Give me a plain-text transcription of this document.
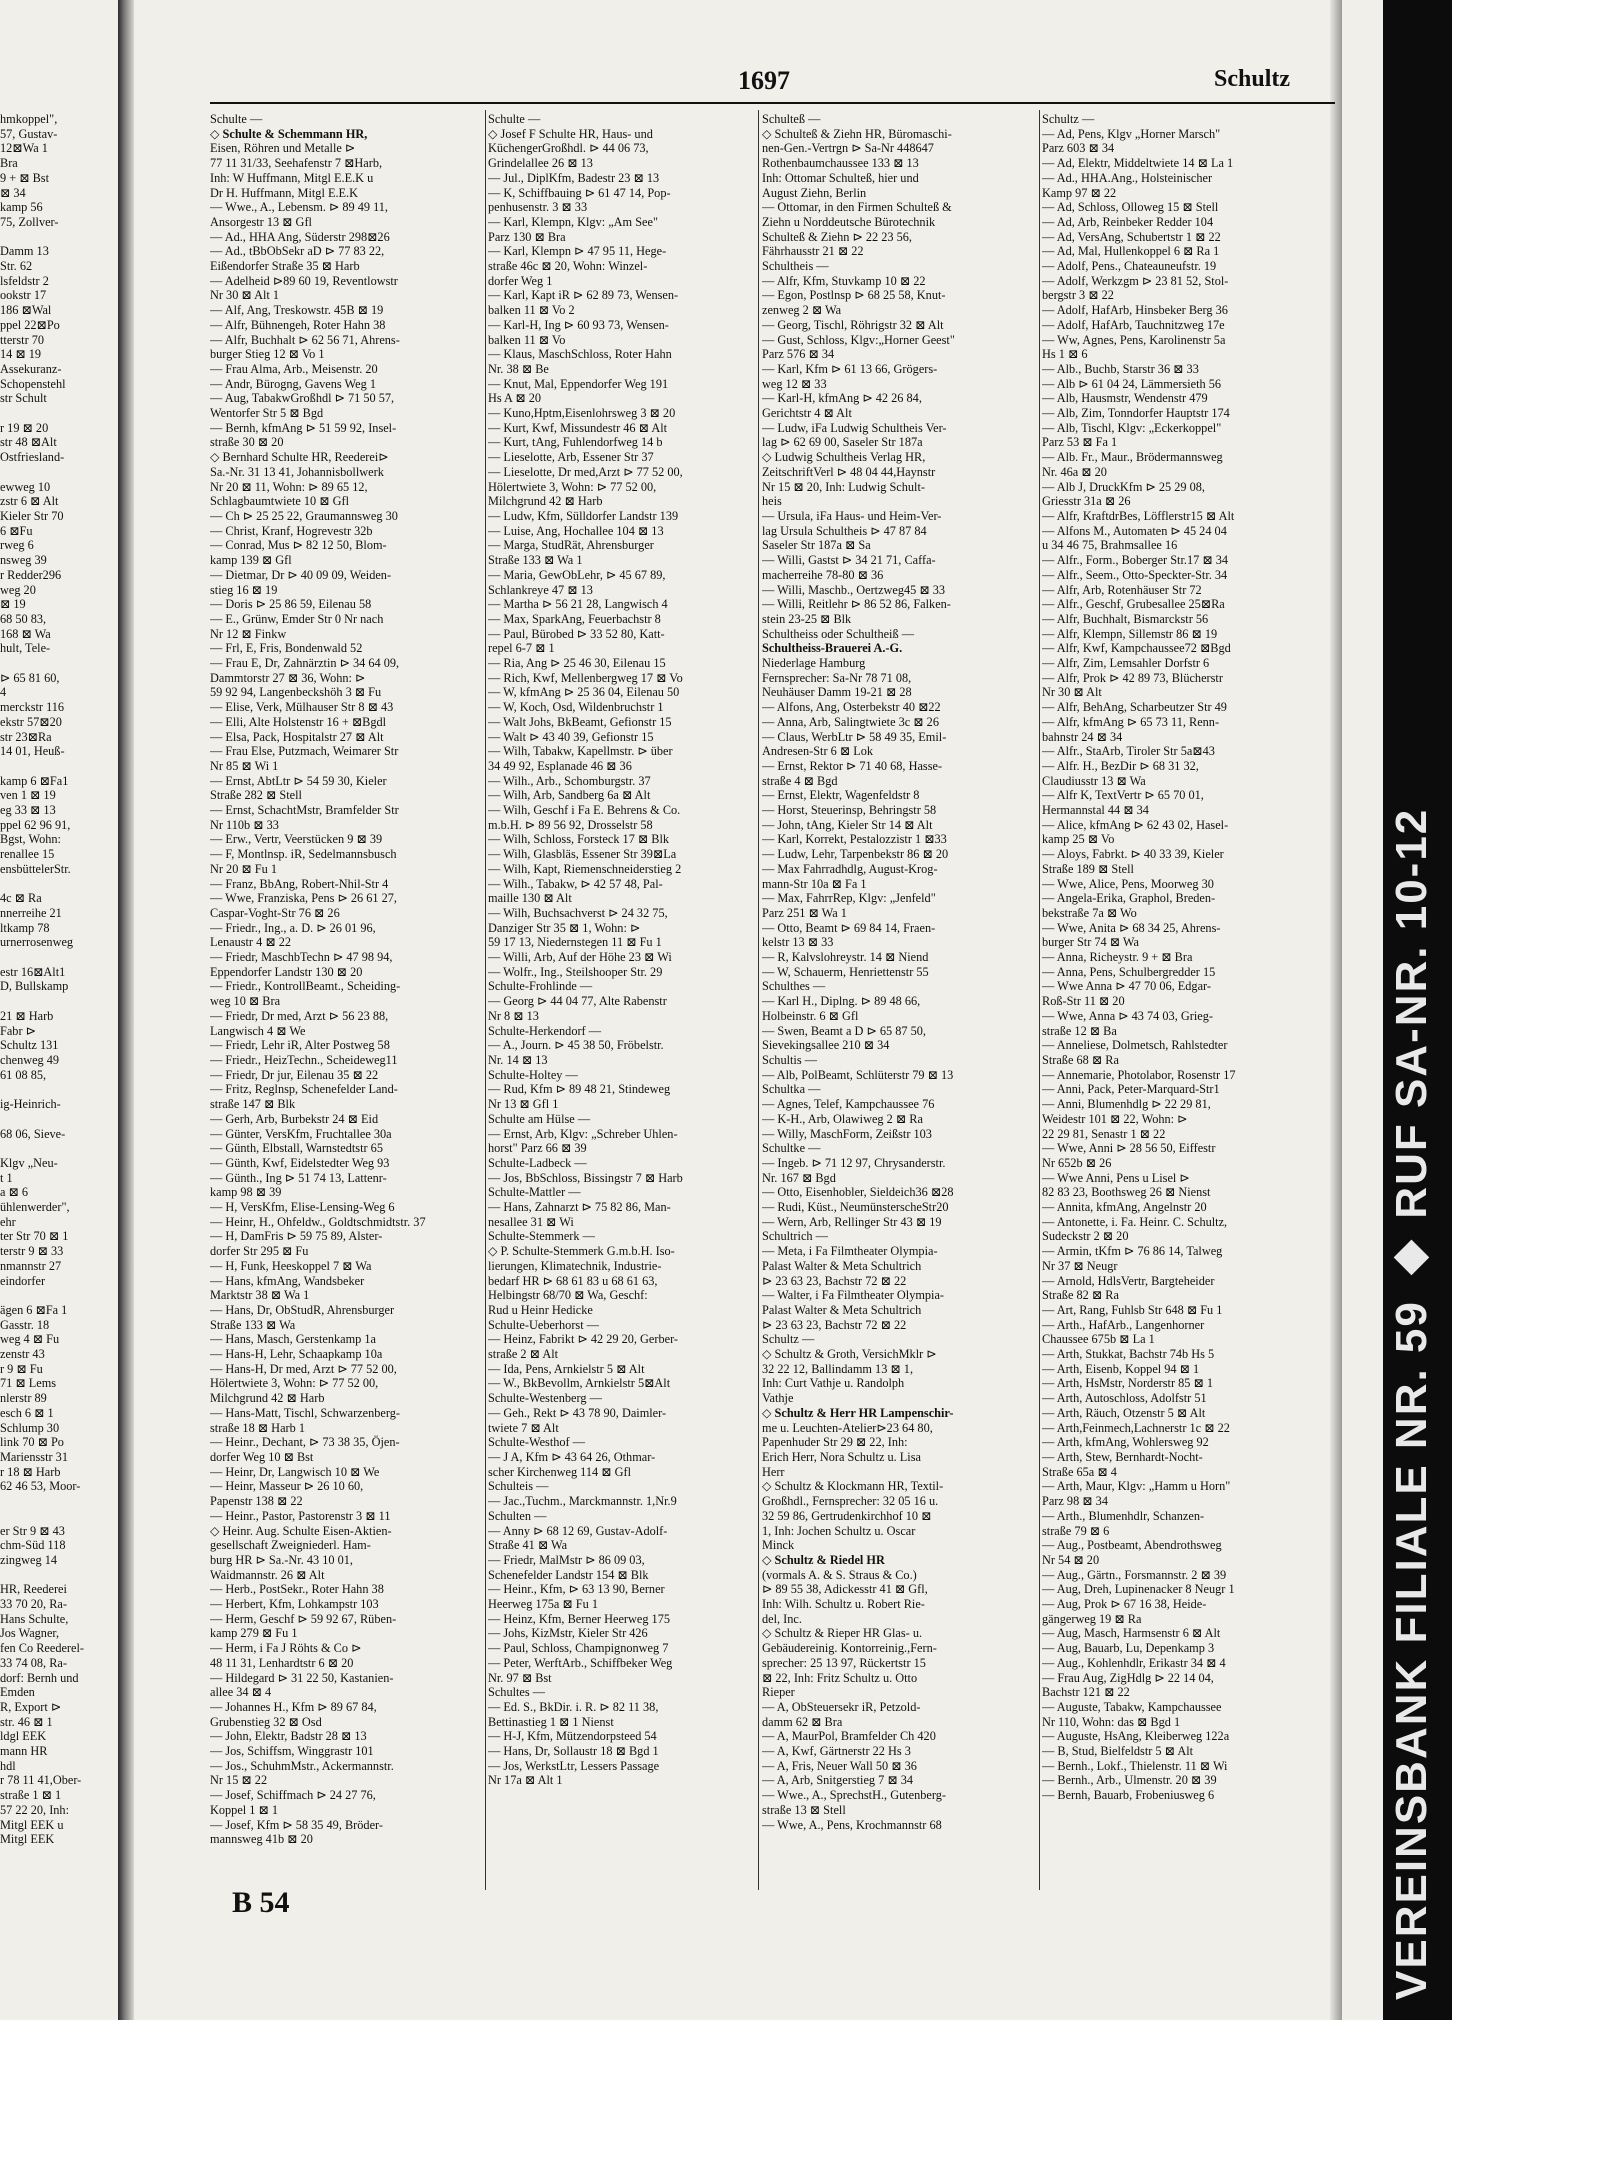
VEREINSBANK FILIALE NR. 59 ◆ RUF SA-NR. 10-12
1697	Schultz
hmkoppel",
57, Gustav-
12⊠Wa 1
Bra
9 + ⊠ Bst
⊠ 34
kamp 56
75, Zollver-

Damm 13
Str. 62
lsfeldstr 2
ookstr 17
186 ⊠Wal
ppel 22⊠Po
tterstr 70
14 ⊠ 19
Assekuranz-
Schopenstehl
str Schult

r 19 ⊠ 20
str 48 ⊠Alt
Ostfriesland-

ewweg 10
zstr 6 ⊠ Alt
Kieler Str 70
6 ⊠Fu
rweg 6
nsweg 39
r Redder296
weg 20
⊠ 19
68 50 83,
168 ⊠ Wa
hult, Tele-

⊳ 65 81 60,
4
merckstr 116
ekstr 57⊠20
str 23⊠Ra
14 01, Heuß-

kamp 6 ⊠Fa1
ven 1 ⊠ 19
eg 33 ⊠ 13
ppel 62 96 91,
Bgst, Wohn:
renallee 15
ensbüttelerStr.

4c ⊠ Ra
nnerreihe 21
ltkamp 78
urnerrosenweg

estr 16⊠Alt1
D, Bullskamp

21 ⊠ Harb
Fabr ⊳
Schultz 131
chenweg 49
61 08 85,

ig-Heinrich-

68 06, Sieve-

Klgv „Neu-
t 1
a ⊠ 6
ühlenwerder",
ehr
ter Str 70 ⊠ 1
terstr 9 ⊠ 33
nmannstr 27
eindorfer

ägen 6 ⊠Fa 1
Gasstr. 18
weg 4 ⊠ Fu
zenstr 43
r 9 ⊠ Fu
71 ⊠ Lems
nlerstr 89
esch 6 ⊠ 1
Schlump 30
link 70 ⊠ Po
Mariensstr 31
r 18 ⊠ Harb
62 46 53, Moor-

er Str 9 ⊠ 43
chm-Süd 118
zingweg 14

HR, Reederei
33 70 20, Ra-
Hans Schulte,
Jos Wagner,
fen Co Reederel-
33 74 08, Ra-
dorf: Bernh und
Emden
R, Export ⊳
str. 46 ⊠ 1
ldgl EEK
mann HR
hdl
r 78 11 41,Ober-
straße 1 ⊠ 1
57 22 20, Inh:
Mitgl EEK u
Mitgl EEK
Schulte —
◇ Schulte & Schemmann HR,
Eisen, Röhren und Metalle ⊳
77 11 31/33, Seehafenstr 7 ⊠Harb,
Inh: W Huffmann, Mitgl E.E.K u
Dr H. Huffmann, Mitgl E.E.K
— Wwe., A., Lebensm. ⊳ 89 49 11,
Ansorgestr 13 ⊠ Gfl
— Ad., HHA Ang, Süderstr 298⊠26
— Ad., tBbObSekr aD ⊳ 77 83 22,
Eißendorfer Straße 35 ⊠ Harb
— Adelheid ⊳89 60 19, Reventlowstr
Nr 30 ⊠ Alt 1
— Alf, Ang, Treskowstr. 45B ⊠ 19
— Alfr, Bühnengeh, Roter Hahn 38
— Alfr, Buchhalt ⊳ 62 56 71, Ahrens-
burger Stieg 12 ⊠ Vo 1
— Frau Alma, Arb., Meisenstr. 20
— Andr, Bürogng, Gavens Weg 1
— Aug, TabakwGroßhdl ⊳ 71 50 57,
Wentorfer Str 5 ⊠ Bgd
— Bernh, kfmAng ⊳ 51 59 92, Insel-
straße 30 ⊠ 20
◇ Bernhard Schulte HR, Reederei⊳
Sa.-Nr. 31 13 41, Johannisbollwerk
Nr 20 ⊠ 11, Wohn: ⊳ 89 65 12,
Schlagbaumtwiete 10 ⊠ Gfl
— Ch ⊳ 25 25 22, Graumannsweg 30
— Christ, Kranf, Hogrevestr 32b
— Conrad, Mus ⊳ 82 12 50, Blom-
kamp 139 ⊠ Gfl
— Dietmar, Dr ⊳ 40 09 09, Weiden-
stieg 16 ⊠ 19
— Doris ⊳ 25 86 59, Eilenau 58
— E., Grünw, Emder Str 0 Nr nach
Nr 12 ⊠ Finkw
— Frl, E, Fris, Bondenwald 52
— Frau E, Dr, Zahnärztin ⊳ 34 64 09,
Dammtorstr 27 ⊠ 36, Wohn: ⊳
59 92 94, Langenbeckshöh 3 ⊠ Fu
— Elise, Verk, Mülhauser Str 8 ⊠ 43
— Elli, Alte Holstenstr 16 + ⊠Bgdl
— Elsa, Pack, Hospitalstr 27 ⊠ Alt
— Frau Else, Putzmach, Weimarer Str
Nr 85 ⊠ Wi 1
— Ernst, AbtLtr ⊳ 54 59 30, Kieler
Straße 282 ⊠ Stell
— Ernst, SchachtMstr, Bramfelder Str
Nr 110b ⊠ 33
— Erw., Vertr, Veerstücken 9 ⊠ 39
— F, Montlnsp. iR, Sedelmannsbusch
Nr 20 ⊠ Fu 1
— Franz, BbAng, Robert-Nhil-Str 4
— Wwe, Franziska, Pens ⊳ 26 61 27,
Caspar-Voght-Str 76 ⊠ 26
— Friedr., Ing., a. D. ⊳ 26 01 96,
Lenaustr 4 ⊠ 22
— Friedr, MaschbTechn ⊳ 47 98 94,
Eppendorfer Landstr 130 ⊠ 20
— Friedr., KontrollBeamt., Scheiding-
weg 10 ⊠ Bra
— Friedr, Dr med, Arzt ⊳ 56 23 88,
Langwisch 4 ⊠ We
— Friedr, Lehr iR, Alter Postweg 58
— Friedr., HeizTechn., Scheideweg11
— Friedr, Dr jur, Eilenau 35 ⊠ 22
— Fritz, Reglnsp, Schenefelder Land-
straße 147 ⊠ Blk
— Gerh, Arb, Burbekstr 24 ⊠ Eid
— Günter, VersKfm, Fruchtallee 30a
— Günth, Elbstall, Warnstedtstr 65
— Günth, Kwf, Eidelstedter Weg 93
— Günth., Ing ⊳ 51 74 13, Lattenr-
kamp 98 ⊠ 39
— H, VersKfm, Elise-Lensing-Weg 6
— Heinr, H., Ohfeldw., Goldtschmidtstr. 37
— H, DamFris ⊳ 59 75 89, Alster-
dorfer Str 295 ⊠ Fu
— H, Funk, Heeskoppel 7 ⊠ Wa
— Hans, kfmAng, Wandsbeker
Marktstr 38 ⊠ Wa 1
— Hans, Dr, ObStudR, Ahrensburger
Straße 133 ⊠ Wa
— Hans, Masch, Gerstenkamp 1a
— Hans-H, Lehr, Schaapkamp 10a
— Hans-H, Dr med, Arzt ⊳ 77 52 00,
Hölertwiete 3, Wohn: ⊳ 77 52 00,
Milchgrund 42 ⊠ Harb
— Hans-Matt, Tischl, Schwarzenberg-
straße 18 ⊠ Harb 1
— Heinr., Dechant, ⊳ 73 38 35, Öjen-
dorfer Weg 10 ⊠ Bst
— Heinr, Dr, Langwisch 10 ⊠ We
— Heinr, Masseur ⊳ 26 10 60,
Papenstr 138 ⊠ 22
— Heinr., Pastor, Pastorenstr 3 ⊠ 11
◇ Heinr. Aug. Schulte Eisen-Aktien-
gesellschaft Zweigniederl. Ham-
burg HR ⊳ Sa.-Nr. 43 10 01,
Waidmannstr. 26 ⊠ Alt
— Herb., PostSekr., Roter Hahn 38
— Herbert, Kfm, Lohkampstr 103
— Herm, Geschf ⊳ 59 92 67, Rüben-
kamp 279 ⊠ Fu 1
— Herm, i Fa J Röhts & Co ⊳
48 11 31, Lenhardtstr 6 ⊠ 20
— Hildegard ⊳ 31 22 50, Kastanien-
allee 34 ⊠ 4
— Johannes H., Kfm ⊳ 89 67 84,
Grubenstieg 32 ⊠ Osd
— John, Elektr, Badstr 28 ⊠ 13
— Jos, Schiffsm, Winggrastr 101
— Jos., SchuhmMstr., Ackermannstr.
Nr 15 ⊠ 22
— Josef, Schiffmach ⊳ 24 27 76,
Koppel 1 ⊠ 1
— Josef, Kfm ⊳ 58 35 49, Bröder-
mannsweg 41b ⊠ 20
Schulte —
◇ Josef F Schulte HR, Haus- und
KüchengerGroßhdl. ⊳ 44 06 73,
Grindelallee 26 ⊠ 13
— Jul., DiplKfm, Badestr 23 ⊠ 13
— K, Schiffbauing ⊳ 61 47 14, Pop-
penhusenstr. 3 ⊠ 33
— Karl, Klempn, Klgv: „Am See"
Parz 130 ⊠ Bra
— Karl, Klempn ⊳ 47 95 11, Hege-
straße 46c ⊠ 20, Wohn: Winzel-
dorfer Weg 1
— Karl, Kapt iR ⊳ 62 89 73, Wensen-
balken 11 ⊠ Vo 2
— Karl-H, Ing ⊳ 60 93 73, Wensen-
balken 11 ⊠ Vo
— Klaus, MaschSchloss, Roter Hahn
Nr. 38 ⊠ Be
— Knut, Mal, Eppendorfer Weg 191
Hs A ⊠ 20
— Kuno,Hptm,Eisenlohrsweg 3 ⊠ 20
— Kurt, Kwf, Missundestr 46 ⊠ Alt
— Kurt, tAng, Fuhlendorfweg 14 b
— Lieselotte, Arb, Essener Str 37
— Lieselotte, Dr med,Arzt ⊳ 77 52 00,
Hölertwiete 3, Wohn: ⊳ 77 52 00,
Milchgrund 42 ⊠ Harb
— Ludw, Kfm, Sülldorfer Landstr 139
— Luise, Ang, Hochallee 104 ⊠ 13
— Marga, StudRät, Ahrensburger
Straße 133 ⊠ Wa 1
— Maria, GewObLehr, ⊳ 45 67 89,
Schlankreye 47 ⊠ 13
— Martha ⊳ 56 21 28, Langwisch 4
— Max, SparkAng, Feuerbachstr 8
— Paul, Bürobed ⊳ 33 52 80, Katt-
repel 6-7 ⊠ 1
— Ria, Ang ⊳ 25 46 30, Eilenau 15
— Rich, Kwf, Mellenbergweg 17 ⊠ Vo
— W, kfmAng ⊳ 25 36 04, Eilenau 50
— W, Koch, Osd, Wildenbruchstr 1
— Walt Johs, BkBeamt, Gefionstr 15
— Walt ⊳ 43 40 39, Gefionstr 15
— Wilh, Tabakw, Kapellmstr. ⊳ über
34 49 92, Esplanade 46 ⊠ 36
— Wilh., Arb., Schomburgstr. 37
— Wilh, Arb, Sandberg 6a ⊠ Alt
— Wilh, Geschf i Fa E. Behrens & Co.
m.b.H. ⊳ 89 56 92, Drosselstr 58
— Wilh, Schloss, Forsteck 17 ⊠ Blk
— Wilh, Glasbläs, Essener Str 39⊠La
— Wilh, Kapt, Riemenschneiderstieg 2
— Wilh., Tabakw, ⊳ 42 57 48, Pal-
maille 130 ⊠ Alt
— Wilh, Buchsachverst ⊳ 24 32 75,
Danziger Str 35 ⊠ 1, Wohn: ⊳
59 17 13, Niedernstegen 11 ⊠ Fu 1
— Willi, Arb, Auf der Höhe 23 ⊠ Wi
— Wolfr., Ing., Steilshooper Str. 29
Schulte-Frohlinde —
— Georg ⊳ 44 04 77, Alte Rabenstr
Nr 8 ⊠ 13
Schulte-Herkendorf —
— A., Journ. ⊳ 45 38 50, Fröbelstr.
Nr. 14 ⊠ 13
Schulte-Holtey —
— Rud, Kfm ⊳ 89 48 21, Stindeweg
Nr 13 ⊠ Gfl 1
Schulte am Hülse —
— Ernst, Arb, Klgv: „Schreber Uhlen-
horst" Parz 66 ⊠ 39
Schulte-Ladbeck —
— Jos, BbSchloss, Bissingstr 7 ⊠ Harb
Schulte-Mattler —
— Hans, Zahnarzt ⊳ 75 82 86, Man-
nesallee 31 ⊠ Wi
Schulte-Stemmerk —
◇ P. Schulte-Stemmerk G.m.b.H. Iso-
lierungen, Klimatechnik, Industrie-
bedarf HR ⊳ 68 61 83 u 68 61 63,
Helbingstr 68/70 ⊠ Wa, Geschf:
Rud u Heinr Hedicke
Schulte-Ueberhorst —
— Heinz, Fabrikt ⊳ 42 29 20, Gerber-
straße 2 ⊠ Alt
— Ida, Pens, Arnkielstr 5 ⊠ Alt
— W., BkBevollm, Arnkielstr 5⊠Alt
Schulte-Westenberg —
— Geh., Rekt ⊳ 43 78 90, Daimler-
twiete 7 ⊠ Alt
Schulte-Westhof —
— J A, Kfm ⊳ 43 64 26, Othmar-
scher Kirchenweg 114 ⊠ Gfl
Schulteis —
— Jac.,Tuchm., Marckmannstr. 1,Nr.9
Schulten —
— Anny ⊳ 68 12 69, Gustav-Adolf-
Straße 41 ⊠ Wa
— Friedr, MalMstr ⊳ 86 09 03,
Schenefelder Landstr 154 ⊠ Blk
— Heinr., Kfm, ⊳ 63 13 90, Berner
Heerweg 175a ⊠ Fu 1
— Heinz, Kfm, Berner Heerweg 175
— Johs, KizMstr, Kieler Str 426
— Paul, Schloss, Champignonweg 7
— Peter, WerftArb., Schiffbeker Weg
Nr. 97 ⊠ Bst
Schultes —
— Ed. S., BkDir. i. R. ⊳ 82 11 38,
Bettinastieg 1 ⊠ 1 Nienst
— H-J, Kfm, Mützendorpsteed 54
— Hans, Dr, Sollaustr 18 ⊠ Bgd 1
— Jos, WerkstLtr, Lessers Passage
Nr 17a ⊠ Alt 1
Schulteß —
◇ Schulteß & Ziehn HR, Büromaschi-
nen-Gen.-Vertrgn ⊳ Sa-Nr 448647
Rothenbaumchaussee 133 ⊠ 13
Inh: Ottomar Schulteß, hier und
August Ziehn, Berlin
— Ottomar, in den Firmen Schulteß &
Ziehn u Norddeutsche Bürotechnik
Schulteß & Ziehn ⊳ 22 23 56,
Fährhausstr 21 ⊠ 22
Schultheis —
— Alfr, Kfm, Stuvkamp 10 ⊠ 22
— Egon, Postlnsp ⊳ 68 25 58, Knut-
zenweg 2 ⊠ Wa
— Georg, Tischl, Röhrigstr 32 ⊠ Alt
— Gust, Schloss, Klgv:„Horner Geest"
Parz 576 ⊠ 34
— Karl, Kfm ⊳ 61 13 66, Grögers-
weg 12 ⊠ 33
— Karl-H, kfmAng ⊳ 42 26 84,
Gerichtstr 4 ⊠ Alt
— Ludw, iFa Ludwig Schultheis Ver-
lag ⊳ 62 69 00, Saseler Str 187a
◇ Ludwig Schultheis Verlag HR,
ZeitschriftVerl ⊳ 48 04 44,Haynstr
Nr 15 ⊠ 20, Inh: Ludwig Schult-
heis
— Ursula, iFa Haus- und Heim-Ver-
lag Ursula Schultheis ⊳ 47 87 84
Saseler Str 187a ⊠ Sa
— Willi, Gastst ⊳ 34 21 71, Caffa-
macherreihe 78-80 ⊠ 36
— Willi, Maschb., Oertzweg45 ⊠ 33
— Willi, Reitlehr ⊳ 86 52 86, Falken-
stein 23-25 ⊠ Blk
Schultheiss oder Schultheiß —
Schultheiss-Brauerei A.-G.
Niederlage Hamburg
Fernsprecher: Sa-Nr 78 71 08,
Neuhäuser Damm 19-21 ⊠ 28
— Alfons, Ang, Osterbekstr 40 ⊠22
— Anna, Arb, Salingtwiete 3c ⊠ 26
— Claus, WerbLtr ⊳ 58 49 35, Emil-
Andresen-Str 6 ⊠ Lok
— Ernst, Rektor ⊳ 71 40 68, Hasse-
straße 4 ⊠ Bgd
— Ernst, Elektr, Wagenfeldstr 8
— Horst, Steuerinsp, Behringstr 58
— John, tAng, Kieler Str 14 ⊠ Alt
— Karl, Korrekt, Pestalozzistr 1 ⊠33
— Ludw, Lehr, Tarpenbekstr 86 ⊠ 20
— Max Fahrradhdlg, August-Krog-
mann-Str 10a ⊠ Fa 1
— Max, FahrrRep, Klgv: „Jenfeld"
Parz 251 ⊠ Wa 1
— Otto, Beamt ⊳ 69 84 14, Fraen-
kelstr 13 ⊠ 33
— R, Kalvslohreystr. 14 ⊠ Niend
— W, Schauerm, Henriettenstr 55
Schulthes —
— Karl H., Diplng. ⊳ 89 48 66,
Holbeinstr. 6 ⊠ Gfl
— Swen, Beamt a D ⊳ 65 87 50,
Sievekingsallee 210 ⊠ 34
Schultis —
— Alb, PolBeamt, Schlüterstr 79 ⊠ 13
Schultka —
— Agnes, Telef, Kampchaussee 76
— K-H., Arb, Olawiweg 2 ⊠ Ra
— Willy, MaschForm, Zeißstr 103
Schultke —
— Ingeb. ⊳ 71 12 97, Chrysanderstr.
Nr. 167 ⊠ Bgd
— Otto, Eisenhobler, Sieldeich36 ⊠28
— Rudi, Küst., NeumünsterscheStr20
— Wern, Arb, Rellinger Str 43 ⊠ 19
Schultrich —
— Meta, i Fa Filmtheater Olympia-
Palast Walter & Meta Schultrich
⊳ 23 63 23, Bachstr 72 ⊠ 22
— Walter, i Fa Filmtheater Olympia-
Palast Walter & Meta Schultrich
⊳ 23 63 23, Bachstr 72 ⊠ 22
Schultz —
◇ Schultz & Groth, VersichMklr ⊳
32 22 12, Ballindamm 13 ⊠ 1,
Inh: Curt Vathje u. Randolph
Vathje
◇ Schultz & Herr HR Lampenschir-
me u. Leuchten-Atelier⊳23 64 80,
Papenhuder Str 29 ⊠ 22, Inh:
Erich Herr, Nora Schultz u. Lisa
Herr
◇ Schultz & Klockmann HR, Textil-
Großhdl., Fernsprecher: 32 05 16 u.
32 59 86, Gertrudenkirchhof 10 ⊠
1, Inh: Jochen Schultz u. Oscar
Minck
◇ Schultz & Riedel HR
(vormals A. & S. Straus & Co.)
⊳ 89 55 38, Adickesstr 41 ⊠ Gfl,
Inh: Wilh. Schultz u. Robert Rie-
del, Inc.
◇ Schultz & Rieper HR Glas- u.
Gebäudereinig. Kontorreinig.,Fern-
sprecher: 25 13 97, Rückertstr 15
⊠ 22, Inh: Fritz Schultz u. Otto
Rieper
— A, ObSteuersekr iR, Petzold-
damm 62 ⊠ Bra
— A, MaurPol, Bramfelder Ch 420
— A, Kwf, Gärtnerstr 22 Hs 3
— A, Fris, Neuer Wall 50 ⊠ 36
— A, Arb, Snitgerstieg 7 ⊠ 34
— Wwe., A., SprechstH., Gutenberg-
straße 13 ⊠ Stell
— Wwe, A., Pens, Krochmannstr 68
Schultz —
— Ad, Pens, Klgv „Horner Marsch"
Parz 603 ⊠ 34
— Ad, Elektr, Middeltwiete 14 ⊠ La 1
— Ad., HHA.Ang., Holsteinischer
Kamp 97 ⊠ 22
— Ad, Schloss, Olloweg 15 ⊠ Stell
— Ad, Arb, Reinbeker Redder 104
— Ad, VersAng, Schubertstr 1 ⊠ 22
— Ad, Mal, Hullenkoppel 6 ⊠ Ra 1
— Adolf, Pens., Chateauneufstr. 19
— Adolf, Werkzgm ⊳ 23 81 52, Stol-
bergstr 3 ⊠ 22
— Adolf, HafArb, Hinsbeker Berg 36
— Adolf, HafArb, Tauchnitzweg 17e
— Ww, Agnes, Pens, Karolinenstr 5a
Hs 1 ⊠ 6
— Alb., Buchb, Starstr 36 ⊠ 33
— Alb ⊳ 61 04 24, Lämmersieth 56
— Alb, Hausmstr, Wendenstr 479
— Alb, Zim, Tonndorfer Hauptstr 174
— Alb, Tischl, Klgv: „Eckerkoppel"
Parz 53 ⊠ Fa 1
— Alb. Fr., Maur., Brödermannsweg
Nr. 46a ⊠ 20
— Alb J, DruckKfm ⊳ 25 29 08,
Griesstr 31a ⊠ 26
— Alfr, KraftdrBes, Löfflerstr15 ⊠ Alt
— Alfons M., Automaten ⊳ 45 24 04
u 34 46 75, Brahmsallee 16
— Alfr., Form., Boberger Str.17 ⊠ 34
— Alfr., Seem., Otto-Speckter-Str. 34
— Alfr, Arb, Rotenhäuser Str 72
— Alfr., Geschf, Grubesallee 25⊠Ra
— Alfr, Buchhalt, Bismarckstr 56
— Alfr, Klempn, Sillemstr 86 ⊠ 19
— Alfr, Kwf, Kampchaussee72 ⊠Bgd
— Alfr, Zim, Lemsahler Dorfstr 6
— Alfr, Prok ⊳ 42 89 73, Blücherstr
Nr 30 ⊠ Alt
— Alfr, BehAng, Scharbeutzer Str 49
— Alfr, kfmAng ⊳ 65 73 11, Renn-
bahnstr 24 ⊠ 34
— Alfr., StaArb, Tiroler Str 5a⊠43
— Alfr. H., BezDir ⊳ 68 31 32,
Claudiusstr 13 ⊠ Wa
— Alfr K, TextVertr ⊳ 65 70 01,
Hermannstal 44 ⊠ 34
— Alice, kfmAng ⊳ 62 43 02, Hasel-
kamp 25 ⊠ Vo
— Aloys, Fabrkt. ⊳ 40 33 39, Kieler
Straße 189 ⊠ Stell
— Wwe, Alice, Pens, Moorweg 30
— Angela-Erika, Graphol, Breden-
bekstraße 7a ⊠ Wo
— Wwe, Anita ⊳ 68 34 25, Ahrens-
burger Str 74 ⊠ Wa
— Anna, Richeystr. 9 + ⊠ Bra
— Anna, Pens, Schulbergredder 15
— Wwe Anna ⊳ 47 70 06, Edgar-
Roß-Str 11 ⊠ 20
— Wwe, Anna ⊳ 43 74 03, Grieg-
straße 12 ⊠ Ba
— Anneliese, Dolmetsch, Rahlstedter
Straße 68 ⊠ Ra
— Annemarie, Photolabor, Rosenstr 17
— Anni, Pack, Peter-Marquard-Str1
— Anni, Blumenhdlg ⊳ 22 29 81,
Weidestr 101 ⊠ 22, Wohn: ⊳
22 29 81, Senastr 1 ⊠ 22
— Wwe, Anni ⊳ 28 56 50, Eiffestr
Nr 652b ⊠ 26
— Wwe Anni, Pens u Lisel ⊳
82 83 23, Boothsweg 26 ⊠ Nienst
— Annita, kfmAng, Angelnstr 20
— Antonette, i. Fa. Heinr. C. Schultz,
Sudeckstr 2 ⊠ 20
— Armin, tKfm ⊳ 76 86 14, Talweg
Nr 37 ⊠ Neugr
— Arnold, HdlsVertr, Bargteheider
Straße 82 ⊠ Ra
— Art, Rang, Fuhlsb Str 648 ⊠ Fu 1
— Arth., HafArb., Langenhorner
Chaussee 675b ⊠ La 1
— Arth, Stukkat, Bachstr 74b Hs 5
— Arth, Eisenb, Koppel 94 ⊠ 1
— Arth, HsMstr, Norderstr 85 ⊠ 1
— Arth, Autoschloss, Adolfstr 51
— Arth, Räuch, Otzenstr 5 ⊠ Alt
— Arth,Feinmech,Lachnerstr 1c ⊠ 22
— Arth, kfmAng, Wohlersweg 92
— Arth, Stew, Bernhardt-Nocht-
Straße 65a ⊠ 4
— Arth, Maur, Klgv: „Hamm u Horn"
Parz 98 ⊠ 34
— Arth., Blumenhdlr, Schanzen-
straße 79 ⊠ 6
— Aug., Postbeamt, Abendrothsweg
Nr 54 ⊠ 20
— Aug., Gärtn., Forsmannstr. 2 ⊠ 39
— Aug, Dreh, Lupinenacker 8 Neugr 1
— Aug, Prok ⊳ 67 16 38, Heide-
gängerweg 19 ⊠ Ra
— Aug, Masch, Harmsenstr 6 ⊠ Alt
— Aug, Bauarb, Lu, Depenkamp 3
— Aug., Kohlenhdlr, Erikastr 34 ⊠ 4
— Frau Aug, ZigHdlg ⊳ 22 14 04,
Bachstr 121 ⊠ 22
— Auguste, Tabakw, Kampchaussee
Nr 110, Wohn: das ⊠ Bgd 1
— Auguste, HsAng, Kleiberweg 122a
— B, Stud, Bielfeldstr 5 ⊠ Alt
— Bernh., Lokf., Thielenstr. 11 ⊠ Wi
— Bernh., Arb., Ulmenstr. 20 ⊠ 39
— Bernh, Bauarb, Frobeniusweg 6
B 54
